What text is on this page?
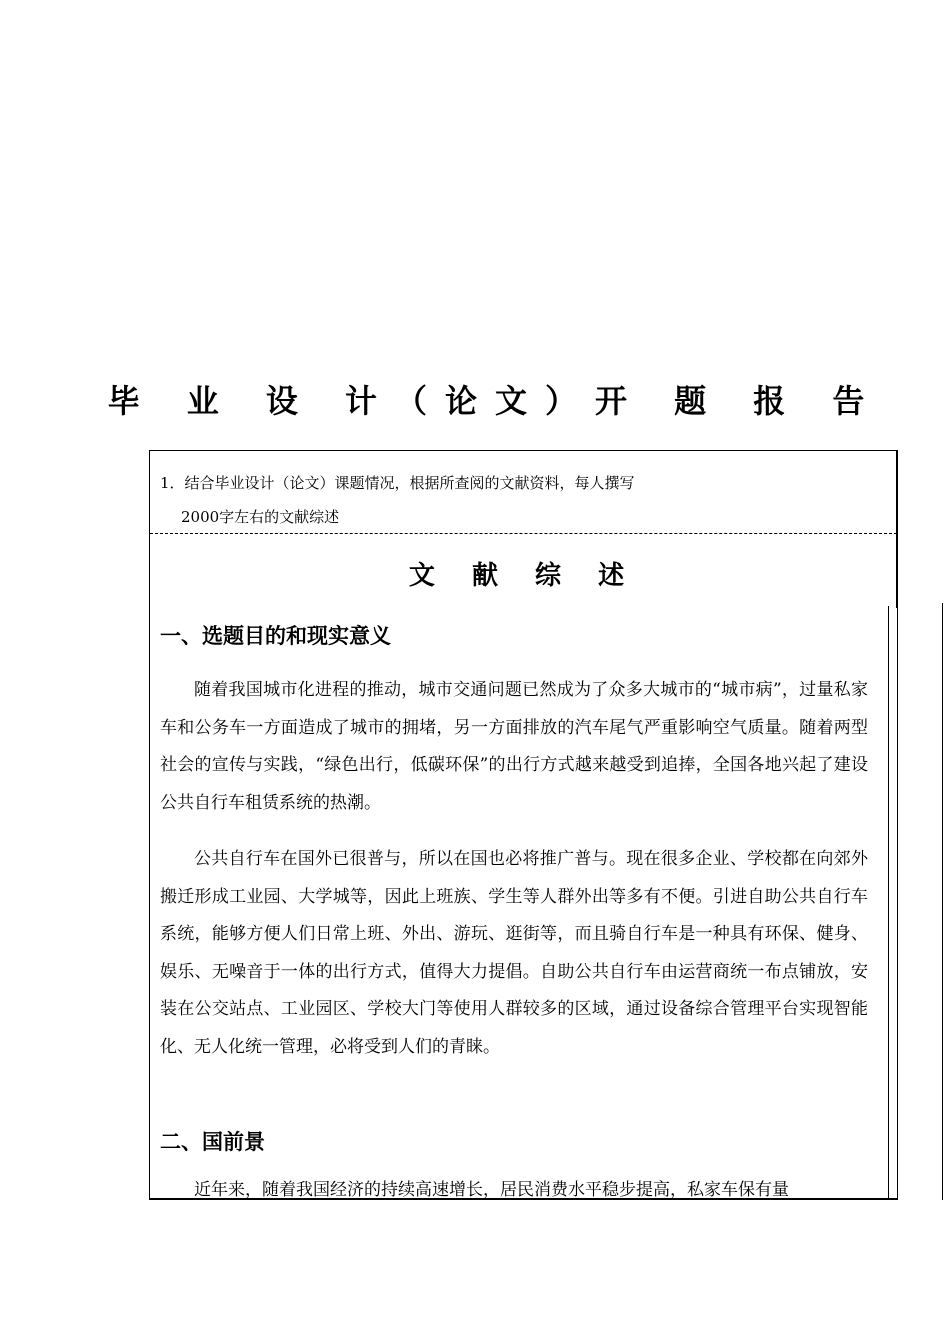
毕 业 设 计（论文）开 题 报 告
1．结合毕业设计（论文）课题情况，根据所查阅的文献资料，每人撰写
2000字左右的文献综述
文 献 综 述
一、选题目的和现实意义

随着我国城市化进程的推动，城市交通问题已然成为了众多大城市的“城市病”，过量私家车和公务车一方面造成了城市的拥堵，另一方面排放的汽车尾气严重影响空气质量。随着两型社会的宣传与实践，“绿色出行，低碳环保”的出行方式越来越受到追捧，全国各地兴起了建设公共自行车租赁系统的热潮。

公共自行车在国外已很普与，所以在国也必将推广普与。现在很多企业、学校都在向郊外搬迁形成工业园、大学城等，因此上班族、学生等人群外出等多有不便。引进自助公共自行车系统，能够方便人们日常上班、外出、游玩、逛街等，而且骑自行车是一种具有环保、健身、娱乐、无噪音于一体的出行方式，值得大力提倡。自助公共自行车由运营商统一布点铺放，安装在公交站点、工业园区、学校大门等使用人群较多的区域，通过设备综合管理平台实现智能化、无人化统一管理，必将受到人们的青睐。

二、国前景

近年来，随着我国经济的持续高速增长，居民消费水平稳步提高，私家车保有量
